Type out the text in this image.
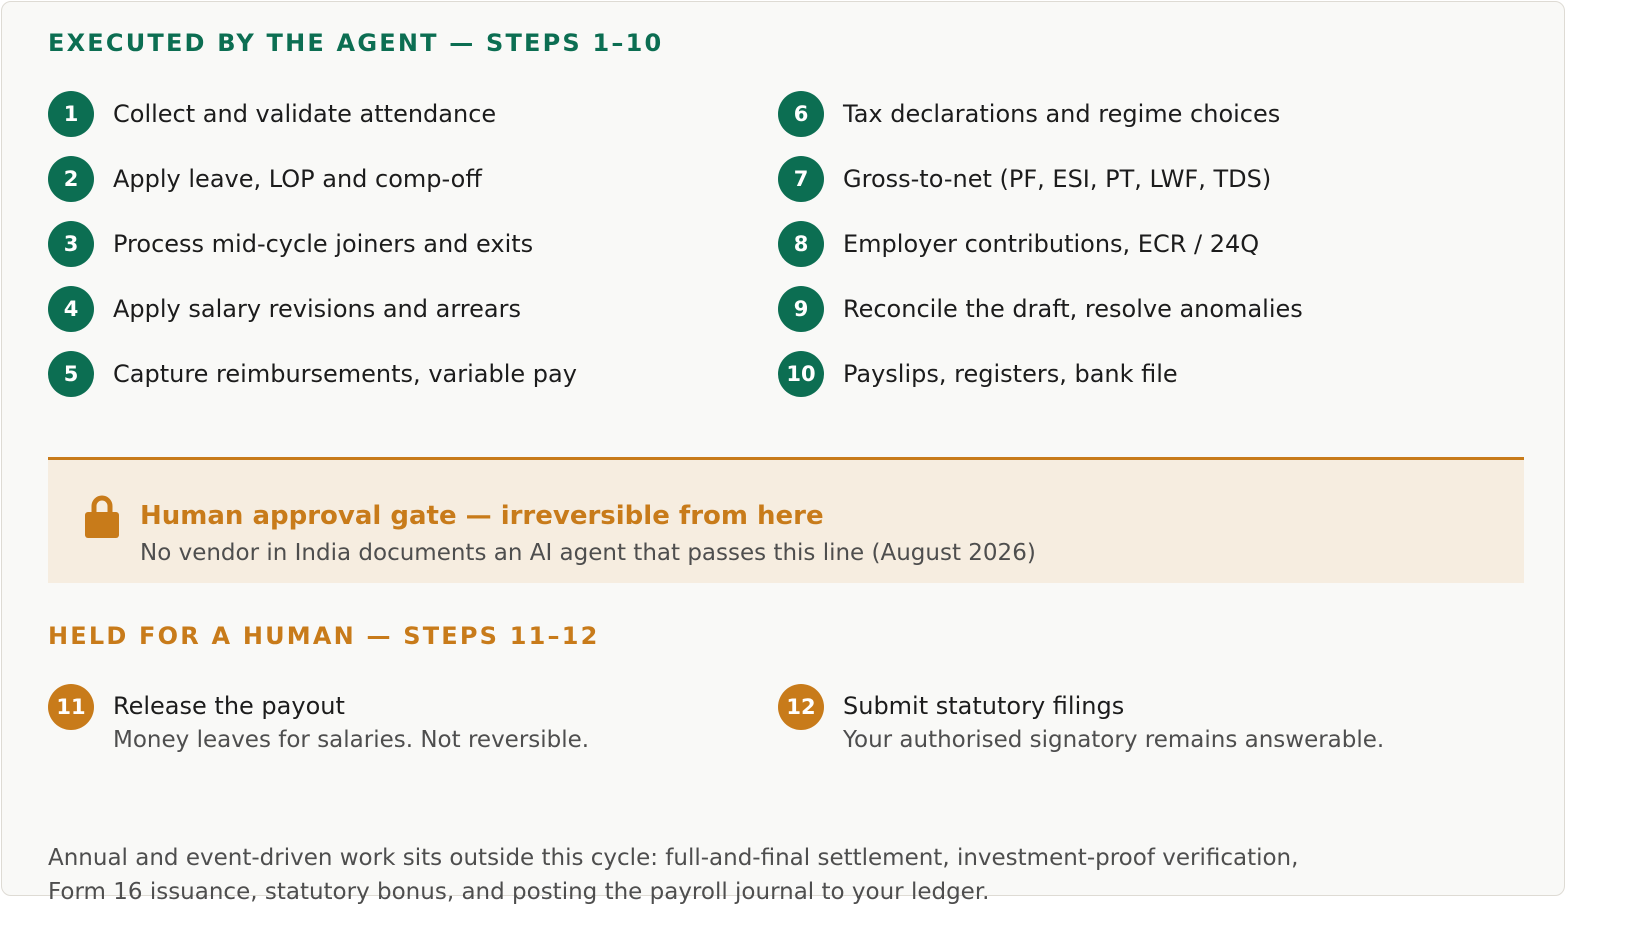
EXECUTED BY THE AGENT — STEPS 1–10
1	Collect and validate attendance
2	Apply leave, LOP and comp-off
3	Process mid-cycle joiners and exits
4	Apply salary revisions and arrears
5	Capture reimbursements, variable pay
6	Tax declarations and regime choices
7	Gross-to-net (PF, ESI, PT, LWF, TDS)
8	Employer contributions, ECR / 24Q
9	Reconcile the draft, resolve anomalies
10	Payslips, registers, bank file
Human approval gate — irreversible from here
No vendor in India documents an AI agent that passes this line (August 2026)
HELD FOR A HUMAN — STEPS 11–12
11	Release the payout
Money leaves for salaries. Not reversible.
12	Submit statutory filings
Your authorised signatory remains answerable.

Annual and event-driven work sits outside this cycle: full-and-final settlement, investment-proof verification,
Form 16 issuance, statutory bonus, and posting the payroll journal to your ledger.
